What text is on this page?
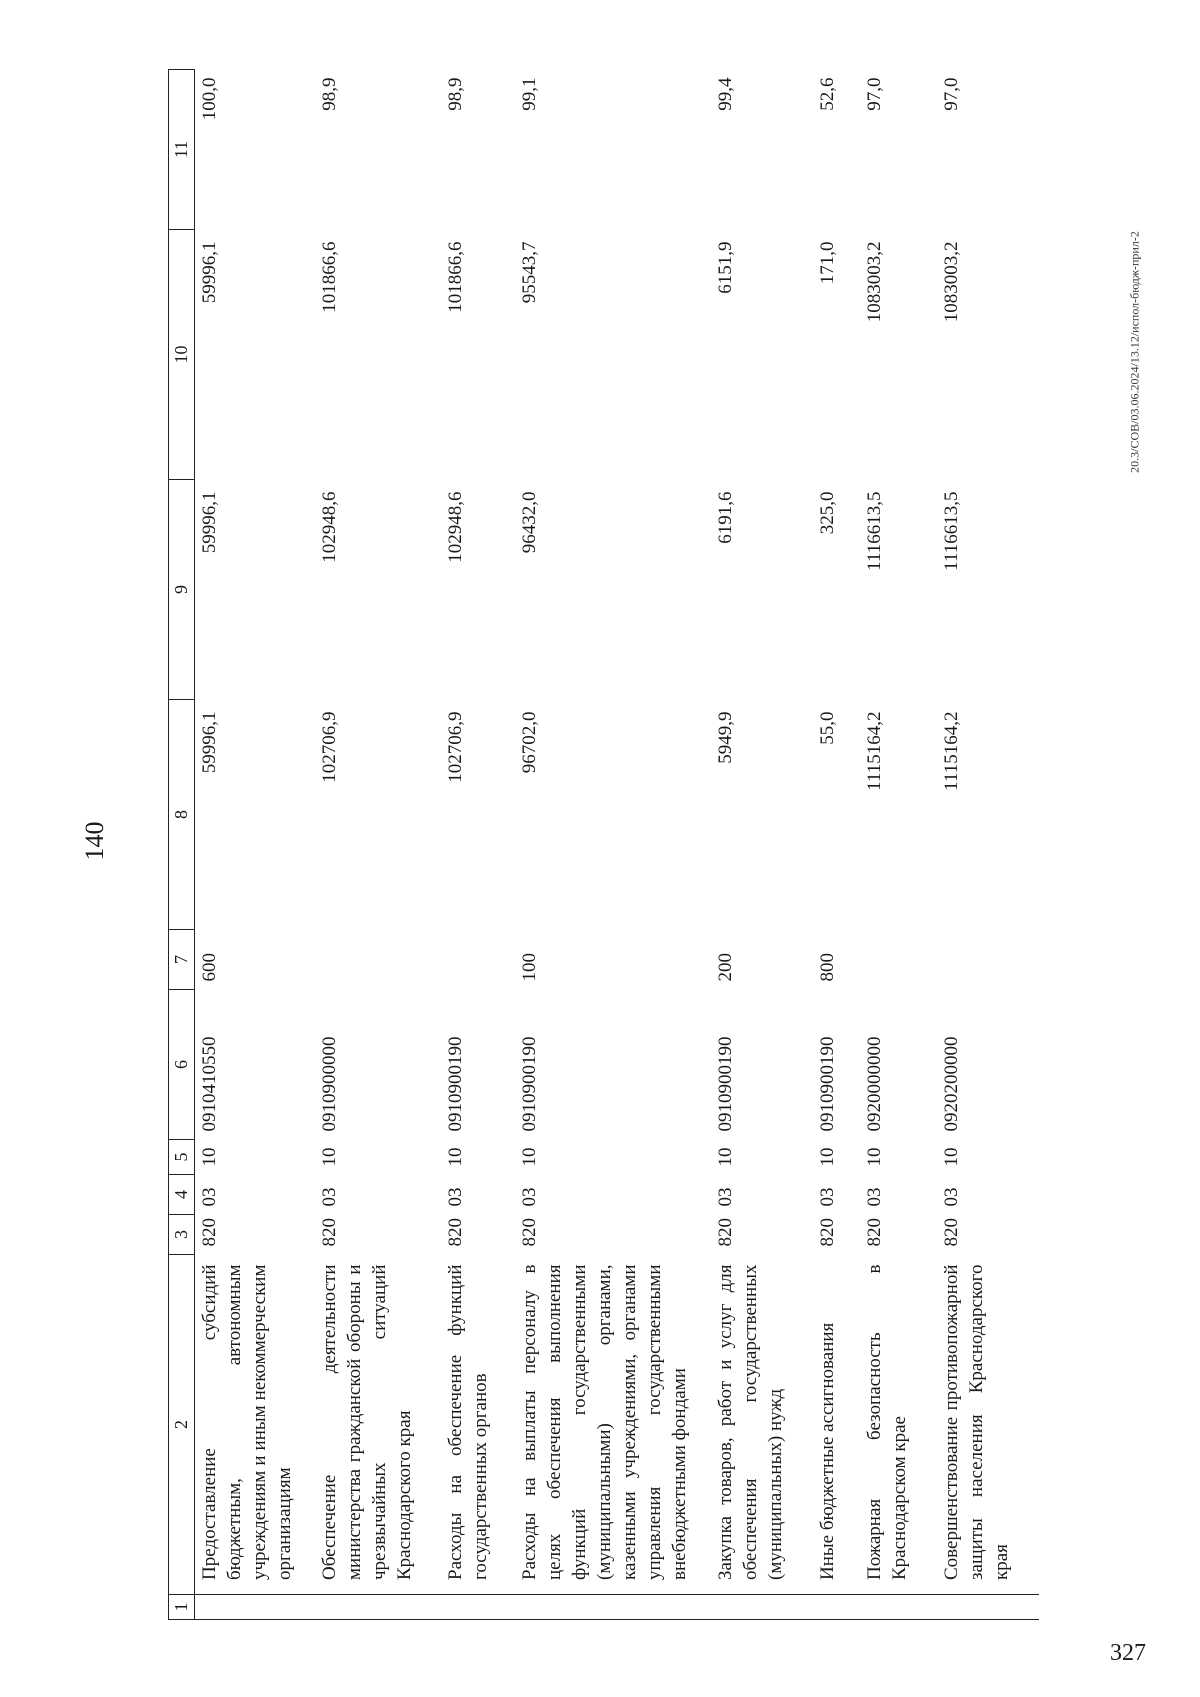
140
327
20.3/СОВ/03.06.2024/13.12/испол-бюдж-прил-2
1	2	3	4	5	6	7	8	9	10	11
	Предоставление субсидий бюджетным, автономным учреждениям и иным некоммерческим организациям	820	03	10	0910410550	600	59996,1	59996,1	59996,1	100,0
	Обеспечение деятельности министерства гражданской обороны и чрезвычайных ситуаций Краснодарского края	820	03	10	0910900000		102706,9	102948,6	101866,6	98,9
	Расходы на обеспечение функций государственных органов	820	03	10	0910900190		102706,9	102948,6	101866,6	98,9
	Расходы на выплаты персоналу в целях обеспечения выполнения функций государственными (муниципальными) органами, казенными учреждениями, органами управления государственными внебюджетными фондами	820	03	10	0910900190	100	96702,0	96432,0	95543,7	99,1
	Закупка товаров, работ и услуг для обеспечения государственных (муниципальных) нужд	820	03	10	0910900190	200	5949,9	6191,6	6151,9	99,4
	Иные бюджетные ассигнования	820	03	10	0910900190	800	55,0	325,0	171,0	52,6
	Пожарная безопасность в Краснодарском крае	820	03	10	0920000000		1115164,2	1116613,5	1083003,2	97,0
	Совершенствование противопожарной защиты населения Краснодарского края	820	03	10	0920200000		1115164,2	1116613,5	1083003,2	97,0
